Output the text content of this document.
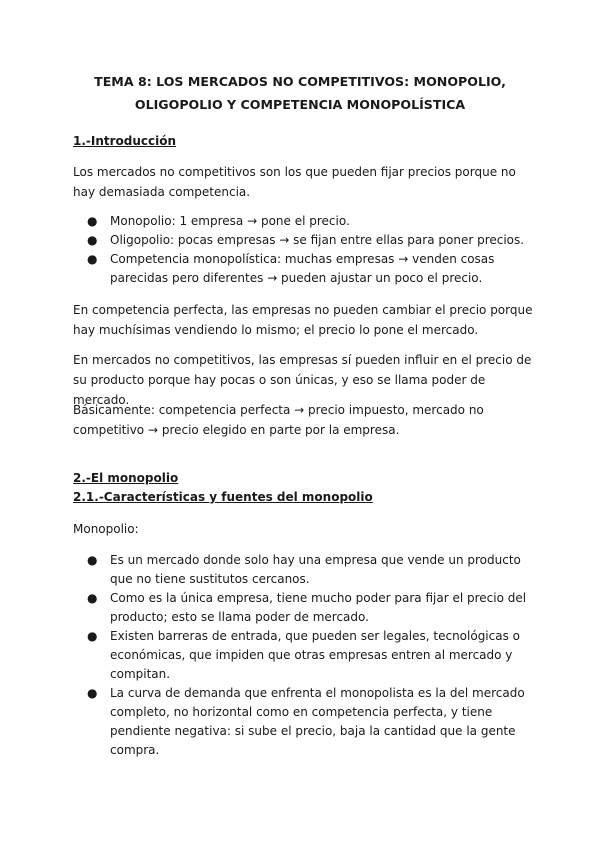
TEMA 8: LOS MERCADOS NO COMPETITIVOS: MONOPOLIO, OLIGOPOLIO Y COMPETENCIA MONOPOLÍSTICA
1.-Introducción

Los mercados no competitivos son los que pueden fijar precios porque no hay demasiada competencia.

● Monopolio: 1 empresa → pone el precio.
● Oligopolio: pocas empresas → se fijan entre ellas para poner precios.
● Competencia monopolística: muchas empresas → venden cosas parecidas pero diferentes → pueden ajustar un poco el precio.

En competencia perfecta, las empresas no pueden cambiar el precio porque hay muchísimas vendiendo lo mismo; el precio lo pone el mercado.

En mercados no competitivos, las empresas sí pueden influir en el precio de su producto porque hay pocas o son únicas, y eso se llama poder de mercado.

Básicamente: competencia perfecta → precio impuesto, mercado no competitivo → precio elegido en parte por la empresa.

2.-El monopolio
2.1.-Características y fuentes del monopolio

Monopolio:

● Es un mercado donde solo hay una empresa que vende un producto que no tiene sustitutos cercanos.
● Como es la única empresa, tiene mucho poder para fijar el precio del producto; esto se llama poder de mercado.
● Existen barreras de entrada, que pueden ser legales, tecnológicas o económicas, que impiden que otras empresas entren al mercado y compitan.
● La curva de demanda que enfrenta el monopolista es la del mercado completo, no horizontal como en competencia perfecta, y tiene pendiente negativa: si sube el precio, baja la cantidad que la gente compra.
